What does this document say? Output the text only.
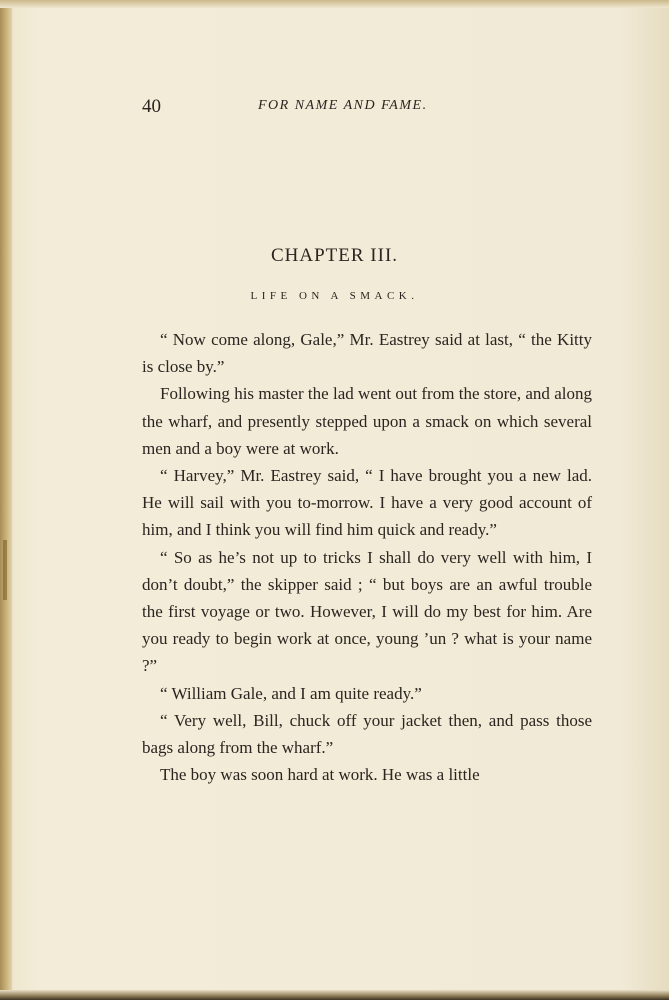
40	FOR NAME AND FAME.
CHAPTER III.
LIFE ON A SMACK.

“ Now come along, Gale,” Mr. Eastrey said at last, “ the Kitty is close by.”

Following his master the lad went out from the store, and along the wharf, and presently stepped upon a smack on which several men and a boy were at work.

“ Harvey,” Mr. Eastrey said, “ I have brought you a new lad. He will sail with you to-morrow. I have a very good account of him, and I think you will find him quick and ready.”

“ So as he’s not up to tricks I shall do very well with him, I don’t doubt,” the skipper said ; “ but boys are an awful trouble the first voyage or two. However, I will do my best for him. Are you ready to begin work at once, young ’un ? what is your name ?”

“ William Gale, and I am quite ready.”

“ Very well, Bill, chuck off your jacket then, and pass those bags along from the wharf.”

The boy was soon hard at work. He was a little
